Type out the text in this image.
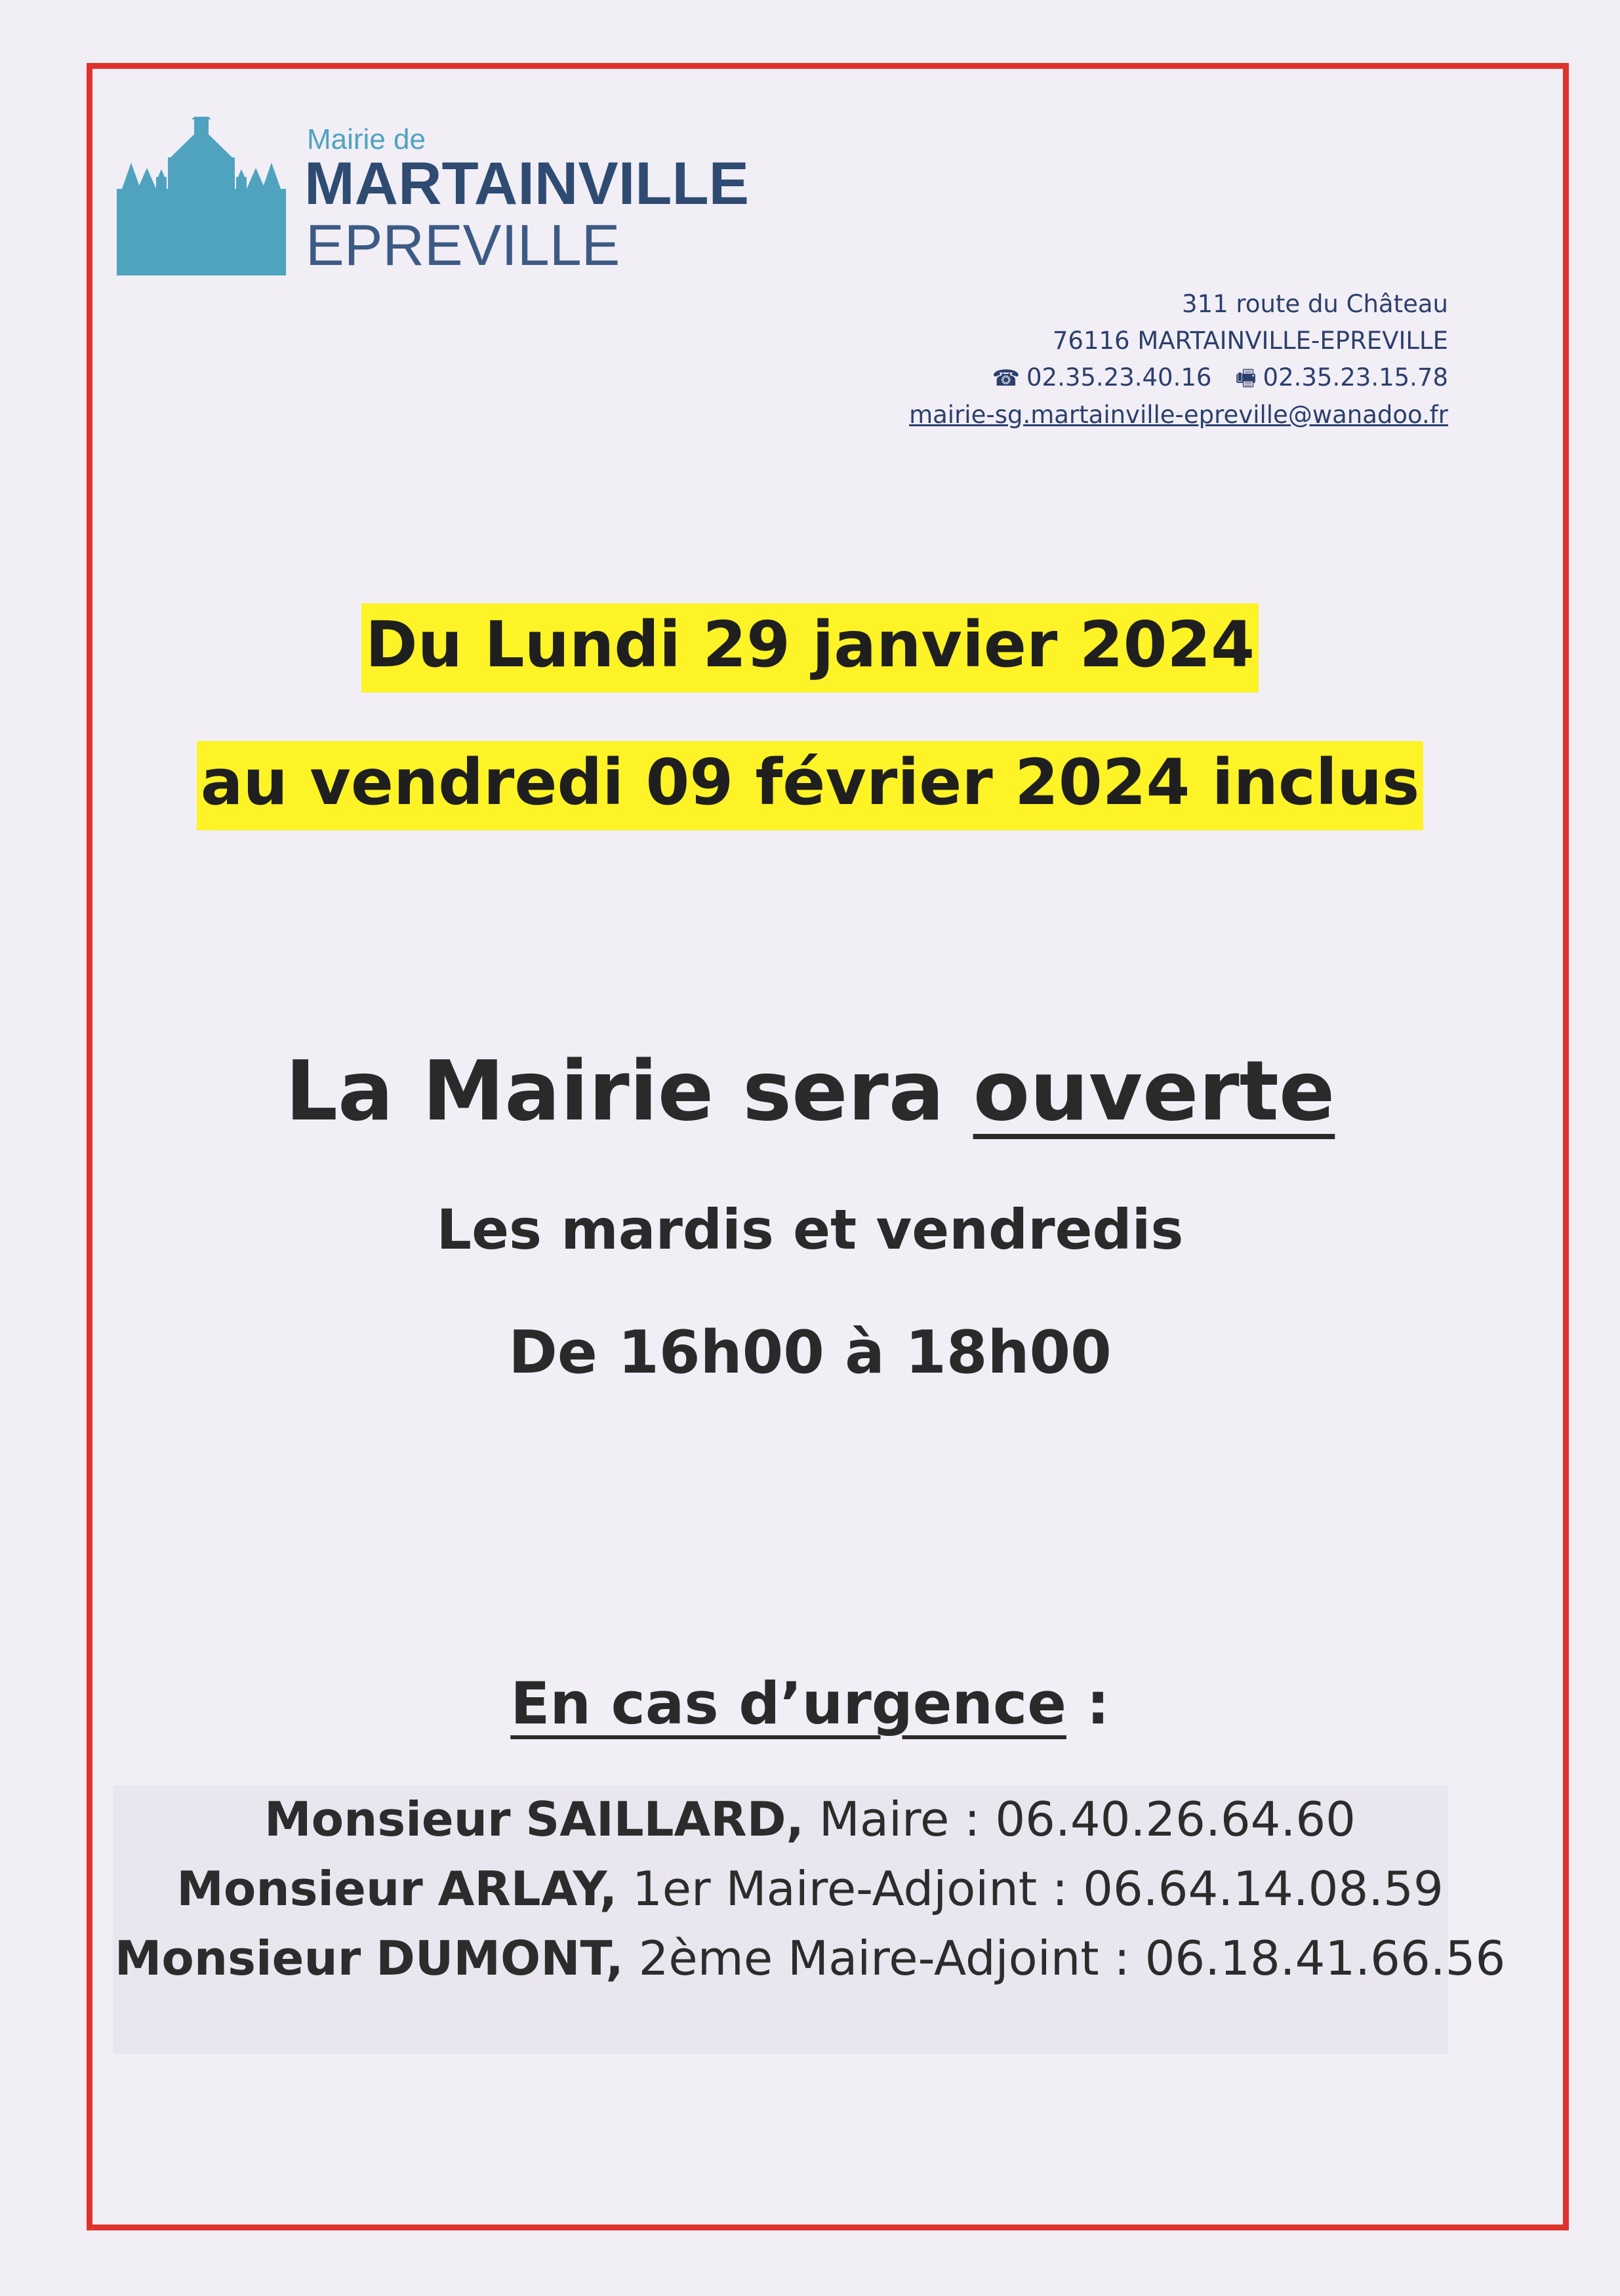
Mairie de
MARTAINVILLE
EPREVILLE
311 route du Château
76116 MARTAINVILLE-EPREVILLE
☎ 02.35.23.40.16 🖷 02.35.23.15.78
mairie-sg.martainville-epreville@wanadoo.fr
Du Lundi 29 janvier 2024
au vendredi 09 février 2024 inclus
La Mairie sera ouverte
Les mardis et vendredis
De 16h00 à 18h00
En cas d’urgence :
Monsieur SAILLARD, Maire : 06.40.26.64.60
Monsieur ARLAY, 1er Maire-Adjoint : 06.64.14.08.59
Monsieur DUMONT, 2ème Maire-Adjoint : 06.18.41.66.56
